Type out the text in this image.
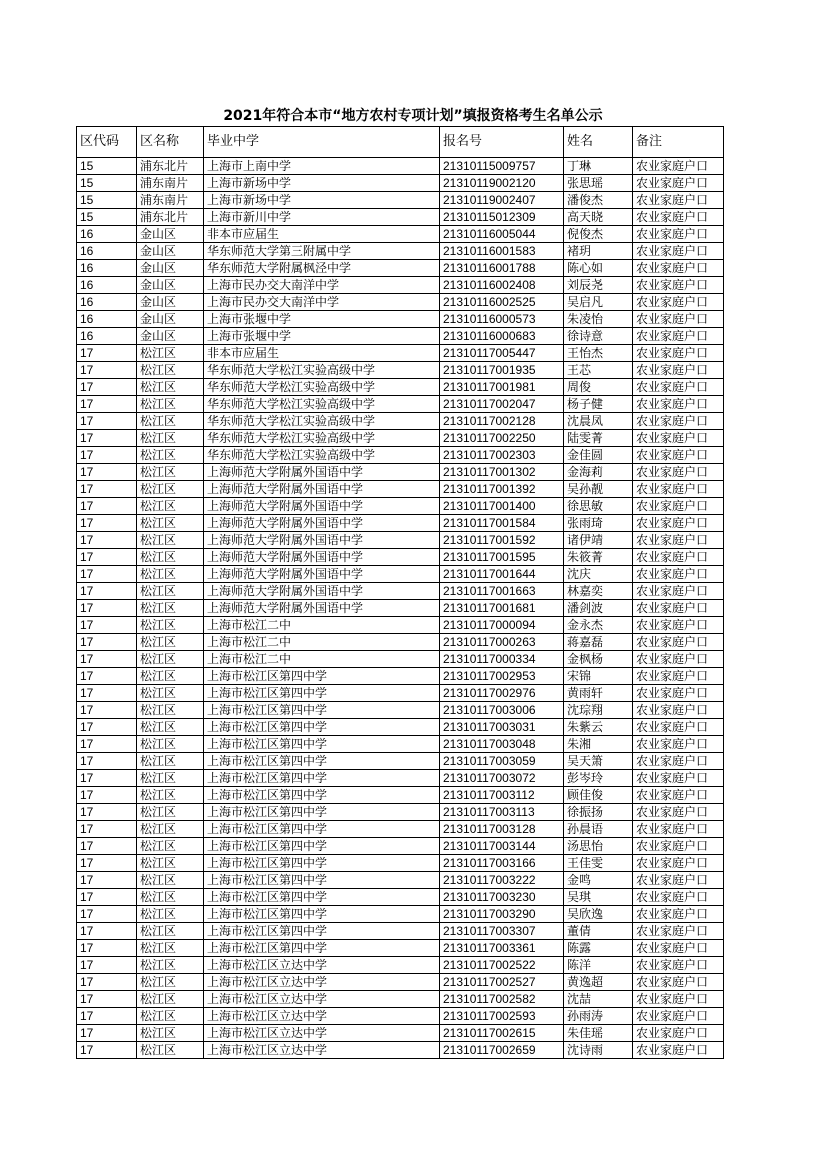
2021年符合本市“地方农村专项计划”填报资格考生名单公示
区代码	区名称	毕业中学	报名号	姓名	备注
15	浦东北片	上海市上南中学	21310115009757	丁琳	农业家庭户口
15	浦东南片	上海市新场中学	21310119002120	张思瑶	农业家庭户口
15	浦东南片	上海市新场中学	21310119002407	潘俊杰	农业家庭户口
15	浦东北片	上海市新川中学	21310115012309	高天晓	农业家庭户口
16	金山区	非本市应届生	21310116005044	倪俊杰	农业家庭户口
16	金山区	华东师范大学第三附属中学	21310116001583	褚玥	农业家庭户口
16	金山区	华东师范大学附属枫泾中学	21310116001788	陈心如	农业家庭户口
16	金山区	上海市民办交大南洋中学	21310116002408	刘辰尧	农业家庭户口
16	金山区	上海市民办交大南洋中学	21310116002525	吴启凡	农业家庭户口
16	金山区	上海市张堰中学	21310116000573	朱凌怡	农业家庭户口
16	金山区	上海市张堰中学	21310116000683	徐诗意	农业家庭户口
17	松江区	非本市应届生	21310117005447	王怡杰	农业家庭户口
17	松江区	华东师范大学松江实验高级中学	21310117001935	王芯	农业家庭户口
17	松江区	华东师范大学松江实验高级中学	21310117001981	周俊	农业家庭户口
17	松江区	华东师范大学松江实验高级中学	21310117002047	杨子健	农业家庭户口
17	松江区	华东师范大学松江实验高级中学	21310117002128	沈晨凤	农业家庭户口
17	松江区	华东师范大学松江实验高级中学	21310117002250	陆雯菁	农业家庭户口
17	松江区	华东师范大学松江实验高级中学	21310117002303	金佳圆	农业家庭户口
17	松江区	上海师范大学附属外国语中学	21310117001302	金海莉	农业家庭户口
17	松江区	上海师范大学附属外国语中学	21310117001392	吴孙靓	农业家庭户口
17	松江区	上海师范大学附属外国语中学	21310117001400	徐思敏	农业家庭户口
17	松江区	上海师范大学附属外国语中学	21310117001584	张雨琦	农业家庭户口
17	松江区	上海师范大学附属外国语中学	21310117001592	诸伊靖	农业家庭户口
17	松江区	上海师范大学附属外国语中学	21310117001595	朱筱菁	农业家庭户口
17	松江区	上海师范大学附属外国语中学	21310117001644	沈庆	农业家庭户口
17	松江区	上海师范大学附属外国语中学	21310117001663	林嘉奕	农业家庭户口
17	松江区	上海师范大学附属外国语中学	21310117001681	潘剑波	农业家庭户口
17	松江区	上海市松江二中	21310117000094	金永杰	农业家庭户口
17	松江区	上海市松江二中	21310117000263	蒋嘉磊	农业家庭户口
17	松江区	上海市松江二中	21310117000334	金枫杨	农业家庭户口
17	松江区	上海市松江区第四中学	21310117002953	宋锦	农业家庭户口
17	松江区	上海市松江区第四中学	21310117002976	黄雨轩	农业家庭户口
17	松江区	上海市松江区第四中学	21310117003006	沈琮翔	农业家庭户口
17	松江区	上海市松江区第四中学	21310117003031	朱紫云	农业家庭户口
17	松江区	上海市松江区第四中学	21310117003048	朱湘	农业家庭户口
17	松江区	上海市松江区第四中学	21310117003059	吴天箫	农业家庭户口
17	松江区	上海市松江区第四中学	21310117003072	彭岑玲	农业家庭户口
17	松江区	上海市松江区第四中学	21310117003112	顾佳俊	农业家庭户口
17	松江区	上海市松江区第四中学	21310117003113	徐振扬	农业家庭户口
17	松江区	上海市松江区第四中学	21310117003128	孙晨语	农业家庭户口
17	松江区	上海市松江区第四中学	21310117003144	汤思怡	农业家庭户口
17	松江区	上海市松江区第四中学	21310117003166	王佳雯	农业家庭户口
17	松江区	上海市松江区第四中学	21310117003222	金鸣	农业家庭户口
17	松江区	上海市松江区第四中学	21310117003230	吴琪	农业家庭户口
17	松江区	上海市松江区第四中学	21310117003290	吴欣逸	农业家庭户口
17	松江区	上海市松江区第四中学	21310117003307	董倩	农业家庭户口
17	松江区	上海市松江区第四中学	21310117003361	陈露	农业家庭户口
17	松江区	上海市松江区立达中学	21310117002522	陈洋	农业家庭户口
17	松江区	上海市松江区立达中学	21310117002527	黄逸超	农业家庭户口
17	松江区	上海市松江区立达中学	21310117002582	沈喆	农业家庭户口
17	松江区	上海市松江区立达中学	21310117002593	孙雨涛	农业家庭户口
17	松江区	上海市松江区立达中学	21310117002615	朱佳瑶	农业家庭户口
17	松江区	上海市松江区立达中学	21310117002659	沈诗雨	农业家庭户口
